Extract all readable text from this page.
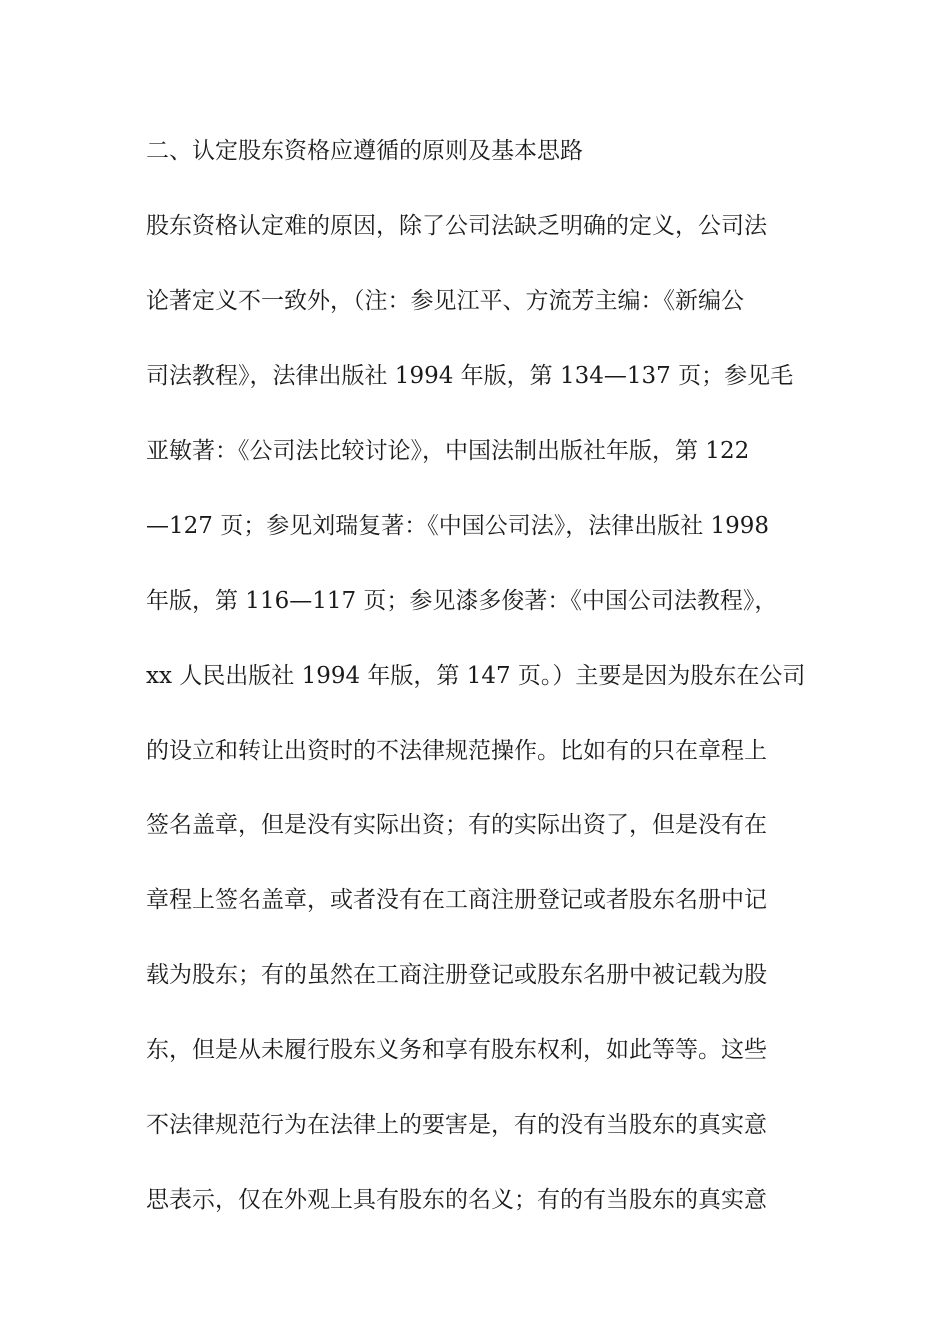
二、认定股东资格应遵循的原则及基本思路
股东资格认定难的原因，除了公司法缺乏明确的定义，公司法
论著定义不一致外，（注：参见江平、方流芳主编：《新编公
司法教程》，法律出版社 1994 年版，第 134—137 页；参见毛
亚敏著：《公司法比较讨论》，中国法制出版社年版，第 122
—127 页；参见刘瑞复著：《中国公司法》，法律出版社 1998
年版，第 116—117 页；参见漆多俊著：《中国公司法教程》，
xx 人民出版社 1994 年版，第 147 页。）主要是因为股东在公司
的设立和转让出资时的不法律规范操作。比如有的只在章程上
签名盖章，但是没有实际出资；有的实际出资了，但是没有在
章程上签名盖章，或者没有在工商注册登记或者股东名册中记
载为股东；有的虽然在工商注册登记或股东名册中被记载为股
东，但是从未履行股东义务和享有股东权利，如此等等。这些
不法律规范行为在法律上的要害是，有的没有当股东的真实意
思表示，仅在外观上具有股东的名义；有的有当股东的真实意
